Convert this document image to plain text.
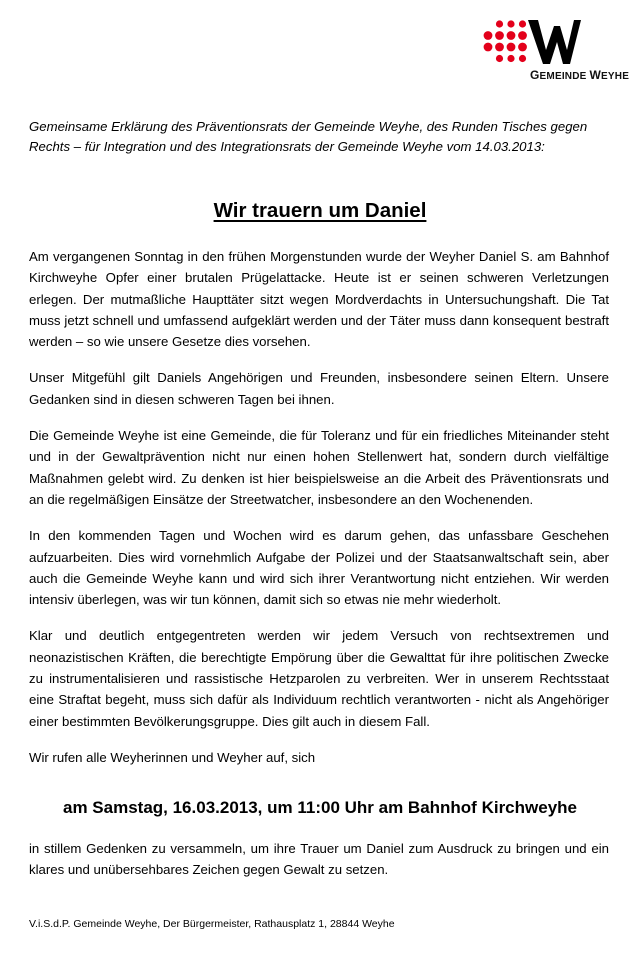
GEMEINDE WEYHE
Gemeinsame Erklärung des Präventionsrats der Gemeinde Weyhe, des Runden Tisches gegen Rechts – für Integration und des Integrationsrats der Gemeinde Weyhe vom 14.03.2013:
Wir trauern um Daniel

Am vergangenen Sonntag in den frühen Morgenstunden wurde der Weyher Daniel S. am Bahnhof Kirchweyhe Opfer einer brutalen Prügelattacke. Heute ist er seinen schweren Verletzungen erlegen. Der mutmaßliche Haupttäter sitzt wegen Mordverdachts in Untersuchungshaft. Die Tat muss jetzt schnell und umfassend aufgeklärt werden und der Täter muss dann konsequent bestraft werden – so wie unsere Gesetze dies vorsehen.

Unser Mitgefühl gilt Daniels Angehörigen und Freunden, insbesondere seinen Eltern. Unsere Gedanken sind in diesen schweren Tagen bei ihnen.

Die Gemeinde Weyhe ist eine Gemeinde, die für Toleranz und für ein friedliches Miteinander steht und in der Gewaltprävention nicht nur einen hohen Stellenwert hat, sondern durch vielfältige Maßnahmen gelebt wird. Zu denken ist hier beispielsweise an die Arbeit des Präventionsrats und an die regelmäßigen Einsätze der Streetwatcher, insbesondere an den Wochenenden.

In den kommenden Tagen und Wochen wird es darum gehen, das unfassbare Geschehen aufzuarbeiten. Dies wird vornehmlich Aufgabe der Polizei und der Staatsanwaltschaft sein, aber auch die Gemeinde Weyhe kann und wird sich ihrer Verantwortung nicht entziehen. Wir werden intensiv überlegen, was wir tun können, damit sich so etwas nie mehr wiederholt.

Klar und deutlich entgegentreten werden wir jedem Versuch von rechtsextremen und neonazistischen Kräften, die berechtigte Empörung über die Gewalttat für ihre politischen Zwecke zu instrumentalisieren und rassistische Hetzparolen zu verbreiten. Wer in unserem Rechtsstaat eine Straftat begeht, muss sich dafür als Individuum rechtlich verantworten - nicht als Angehöriger einer bestimmten Bevölkerungsgruppe. Dies gilt auch in diesem Fall.

Wir rufen alle Weyherinnen und Weyher auf, sich

am Samstag, 16.03.2013, um 11:00 Uhr am Bahnhof Kirchweyhe
in stillem Gedenken zu versammeln, um ihre Trauer um Daniel zum Ausdruck zu bringen und ein klares und unübersehbares Zeichen gegen Gewalt zu setzen.
V.i.S.d.P. Gemeinde Weyhe, Der Bürgermeister, Rathausplatz 1, 28844 Weyhe
